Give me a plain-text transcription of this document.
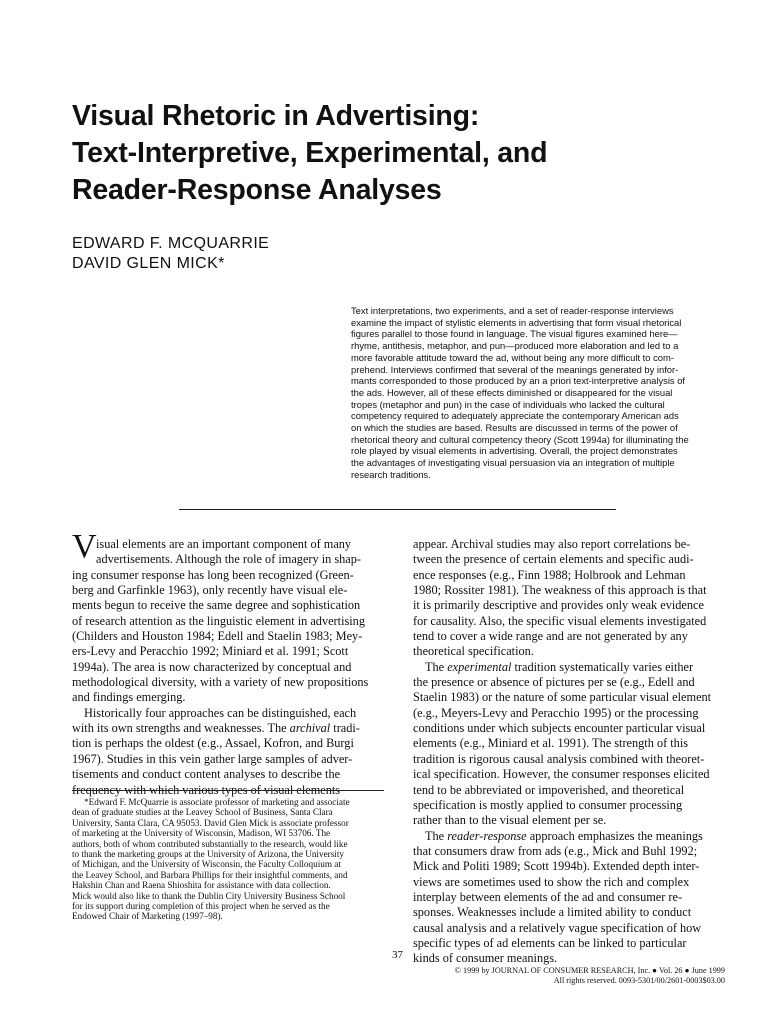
Visual Rhetoric in Advertising:
Text-Interpretive, Experimental, and
Reader-Response Analyses
EDWARD F. MCQUARRIE
DAVID GLEN MICK*
Text interpretations, two experiments, and a set of reader-response interviews
examine the impact of stylistic elements in advertising that form visual rhetorical
figures parallel to those found in language. The visual figures examined here—
rhyme, antithesis, metaphor, and pun—produced more elaboration and led to a
more favorable attitude toward the ad, without being any more difficult to com-
prehend. Interviews confirmed that several of the meanings generated by infor-
mants corresponded to those produced by an a priori text-interpretive analysis of
the ads. However, all of these effects diminished or disappeared for the visual
tropes (metaphor and pun) in the case of individuals who lacked the cultural
competency required to adequately appreciate the contemporary American ads
on which the studies are based. Results are discussed in terms of the power of
rhetorical theory and cultural competency theory (Scott 1994a) for illuminating the
role played by visual elements in advertising. Overall, the project demonstrates
the advantages of investigating visual persuasion via an integration of multiple
research traditions.
V isual elements are an important component of many
advertisements. Although the role of imagery in shap-
ing consumer response has long been recognized (Green-
berg and Garfinkle 1963), only recently have visual ele-
ments begun to receive the same degree and sophistication
of research attention as the linguistic element in advertising
(Childers and Houston 1984; Edell and Staelin 1983; Mey-
ers-Levy and Peracchio 1992; Miniard et al. 1991; Scott
1994a). The area is now characterized by conceptual and
methodological diversity, with a variety of new propositions
and findings emerging.
Historically four approaches can be distinguished, each
with its own strengths and weaknesses. The archival tradi-
tion is perhaps the oldest (e.g., Assael, Kofron, and Burgi
1967). Studies in this vein gather large samples of adver-
tisements and conduct content analyses to describe the
frequency with which various types of visual elements
*Edward F. McQuarrie is associate professor of marketing and associate
dean of graduate studies at the Leavey School of Business, Santa Clara
University, Santa Clara, CA 95053. David Glen Mick is associate professor
of marketing at the University of Wisconsin, Madison, WI 53706. The
authors, both of whom contributed substantially to the research, would like
to thank the marketing groups at the University of Arizona, the University
of Michigan, and the University of Wisconsin, the Faculty Colloquium at
the Leavey School, and Barbara Phillips for their insightful comments, and
Hakshin Chan and Raena Shioshita for assistance with data collection.
Mick would also like to thank the Dublin City University Business School
for its support during completion of this project when he served as the
Endowed Chair of Marketing (1997–98).
appear. Archival studies may also report correlations be-
tween the presence of certain elements and specific audi-
ence responses (e.g., Finn 1988; Holbrook and Lehman
1980; Rossiter 1981). The weakness of this approach is that
it is primarily descriptive and provides only weak evidence
for causality. Also, the specific visual elements investigated
tend to cover a wide range and are not generated by any
theoretical specification.
The experimental tradition systematically varies either
the presence or absence of pictures per se (e.g., Edell and
Staelin 1983) or the nature of some particular visual element
(e.g., Meyers-Levy and Peracchio 1995) or the processing
conditions under which subjects encounter particular visual
elements (e.g., Miniard et al. 1991). The strength of this
tradition is rigorous causal analysis combined with theoret-
ical specification. However, the consumer responses elicited
tend to be abbreviated or impoverished, and theoretical
specification is mostly applied to consumer processing
rather than to the visual element per se.
The reader-response approach emphasizes the meanings
that consumers draw from ads (e.g., Mick and Buhl 1992;
Mick and Politi 1989; Scott 1994b). Extended depth inter-
views are sometimes used to show the rich and complex
interplay between elements of the ad and consumer re-
sponses. Weaknesses include a limited ability to conduct
causal analysis and a relatively vague specification of how
specific types of ad elements can be linked to particular
kinds of consumer meanings.
37
© 1999 by JOURNAL OF CONSUMER RESEARCH, Inc. ● Vol. 26 ● June 1999
All rights reserved. 0093-5301/00/2601-0003$03.00
